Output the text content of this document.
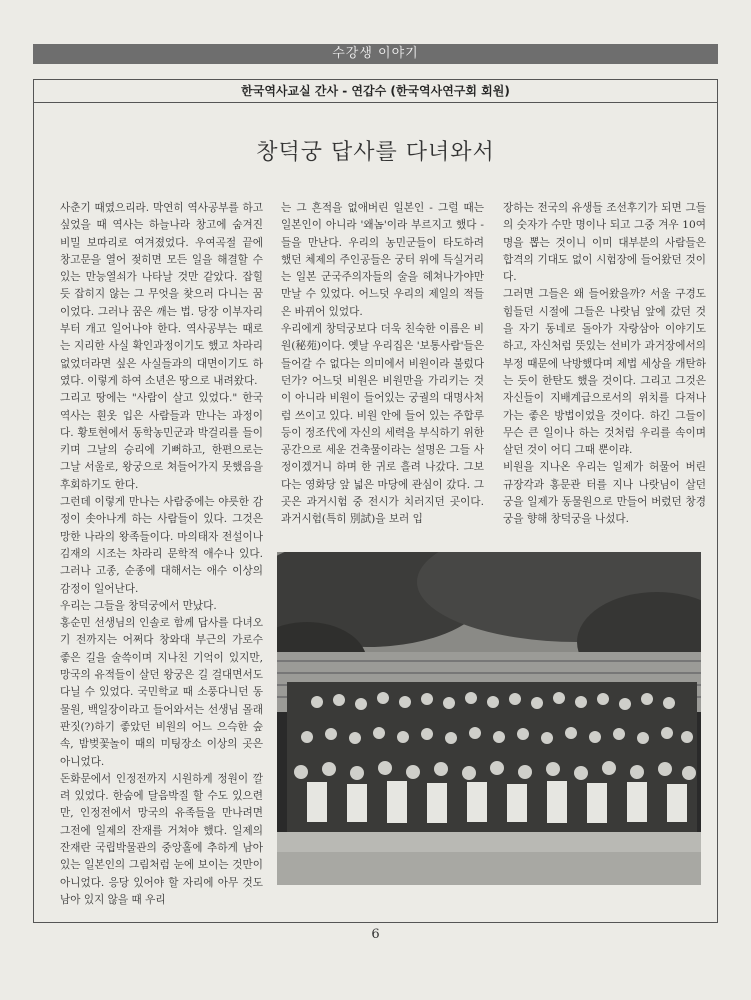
수강생 이야기
한국역사교실 간사 - 연갑수 (한국역사연구회 회원)
창덕궁 답사를 다녀와서

사춘기 때였으리라. 막연히 역사공부를 하고 싶었을 때 역사는 하늘나라 창고에 숨겨진 비밀 보따리로 여겨졌었다. 우여곡절 끝에 창고문을 열어 젖히면 모든 일을 해결할 수 있는 만능열쇠가 나타날 것만 같았다. 잡힐 듯 잡히지 않는 그 무엇을 찾으러 다니는 꿈이었다. 그러나 꿈은 깨는 법. 당장 이부자리부터 개고 일어나야 한다. 역사공부는 때로는 지리한 사실 확인과정이기도 했고 차라리 없었더라면 싶은 사실들과의 대면이기도 하였다. 이렇게 하여 소년은 땅으로 내려왔다.

그리고 땅에는 "사람이 살고 있었다." 한국역사는 흰옷 입은 사람들과 만나는 과정이다. 황토현에서 동학농민군과 박걸리를 들이키며 그날의 승리에 기뻐하고, 한편으로는 그날 서울로, 왕궁으로 쳐들어가지 못했음을 후회하기도 한다.

그런데 이렇게 만나는 사람중에는 야릇한 감정이 솟아나게 하는 사람들이 있다. 그것은 망한 나라의 왕족들이다. 마의태자 전설이나 김재의 시조는 차라리 문학적 애수나 있다. 그러나 고종, 순종에 대해서는 애수 이상의 감정이 일어난다.

우리는 그들을 창덕궁에서 만났다.

홍순민 선생님의 인솔로 함께 답사를 다녀오기 전까지는 어쩌다 창와대 부근의 가로수 좋은 길을 술쓱이며 지나친 기억이 있지만, 망국의 유적들이 살던 왕궁은 길 걸대면서도 다닐 수 있었다. 국민학교 때 소풍다니던 동물원, 백일장이라고 들어와서는 선생님 몰래 판짓(?)하기 좋았던 비원의 어느 으슥한 숲속, 밤벚꽃놀이 때의 미팅장소 이상의 곳은 아니었다.

돈화문에서 인정전까지 시원하게 정원이 깔려 있었다. 한숨에 달음박질 할 수도 있으련만, 인정전에서 망국의 유족들을 만나려면 그전에 일제의 잔재를 거쳐야 했다. 일제의 잔재란 국립박물관의 중앙홀에 추하게 남아 있는 일본인의 그림처럼 눈에 보이는 것만이 아니었다. 응당 있어야 할 자리에 아무 것도 남아 있지 않을 때 우리

는 그 흔적을 없애버린 일본인 - 그럴 때는 일본인이 아니라 '왜놈'이라 부르지고 했다 - 들을 만난다. 우리의 농민군들이 타도하려 했던 체제의 주인공들은 궁터 위에 득실거리는 일본 군국주의자들의 술을 헤쳐나가야만 만날 수 있었다. 어느덧 우리의 제일의 적들은 바뀌어 있었다.

우리에게 창덕궁보다 더욱 친숙한 이름은 비원(秘苑)이다. 옛날 우리집은 '보통사람'들은 들어갈 수 없다는 의미에서 비원이라 불렀다던가? 어느덧 비원은 비원만을 가리키는 것이 아니라 비원이 들어있는 궁궐의 대명사처럼 쓰이고 있다. 비원 안에 들어 있는 주합루 등이 정조代에 자신의 세력을 부식하기 위한 공간으로 세운 건축물이라는 설명은 그들 사정이겠거니 하며 한 귀로 흘려 나갔다. 그보다는 영화당 앞 넓은 마당에 관심이 갔다. 그곳은 과거시험 중 전시가 치러지던 곳이다. 과거시험(특히 別試)을 보러 입

장하는 전국의 유생들 조선후기가 되면 그들의 숫자가 수만 명이나 되고 그중 겨우 10여 명을 뽑는 것이니 이미 대부분의 사람들은 합격의 기대도 없이 시험장에 들어왔던 것이다.

그러면 그들은 왜 들어왔을까? 서울 구경도 힘들던 시절에 그들은 나랏님 앞에 갔던 것을 자기 동네로 돌아가 자랑삼아 이야기도 하고, 자신처럼 뜻있는 선비가 과거장에서의 부정 때문에 낙방했다며 제법 세상을 개탄하는 듯이 한탄도 했을 것이다. 그리고 그것은 자신들이 지배계급으로서의 위치를 다져나가는 좋은 방법이었을 것이다. 하긴 그들이 무슨 큰 일이나 하는 것처럼 우리를 속이며 살던 것이 어디 그때 뿐이랴.

비원을 지나온 우리는 일제가 허물어 버린 규장각과 홍문관 터를 지나 나랏님이 살던 궁을 일제가 동물원으로 만들어 버렸던 창경궁을 향해 창덕궁을 나섰다.

6
